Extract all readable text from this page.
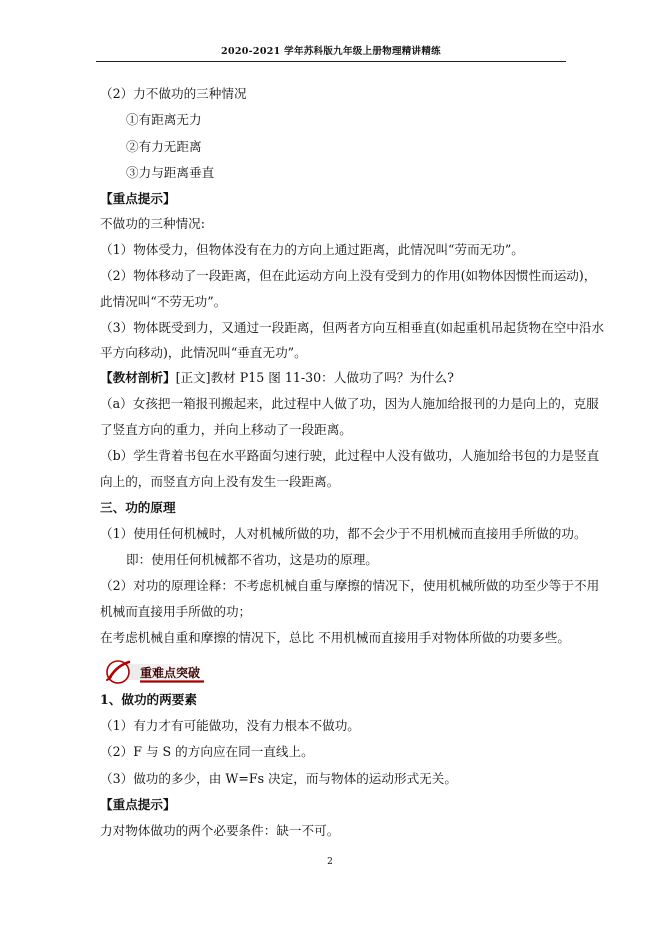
2020-2021 学年苏科版九年级上册物理精讲精练
（2）力不做功的三种情况
①有距离无力
②有力无距离
③力与距离垂直
【重点提示】
不做功的三种情况:
（1）物体受力，但物体没有在力的方向上通过距离，此情况叫“劳而无功”。
（2）物体移动了一段距离，但在此运动方向上没有受到力的作用(如物体因惯性而运动)，
此情况叫“不劳无功”。
（3）物体既受到力，又通过一段距离，但两者方向互相垂直(如起重机吊起货物在空中沿水
平方向移动)，此情况叫“垂直无功”。
【教材剖析】[正文]教材 P15 图 11-30：人做功了吗？为什么?
（a）女孩把一箱报刊搬起来，此过程中人做了功，因为人施加给报刊的力是向上的，克服
了竖直方向的重力，并向上移动了一段距离。
（b）学生背着书包在水平路面匀速行驶，此过程中人没有做功，人施加给书包的力是竖直
向上的，而竖直方向上没有发生一段距离。
三、功的原理
（1）使用任何机械时，人对机械所做的功，都不会少于不用机械而直接用手所做的功。
即：使用任何机械都不省功，这是功的原理。
（2）对功的原理诠释：不考虑机械自重与摩擦的情况下，使用机械所做的功至少等于不用
机械而直接用手所做的功；
在考虑机械自重和摩擦的情况下，总比 不用机械而直接用手对物体所做的功要多些。
重难点突破
1、做功的两要素
（1）有力才有可能做功，没有力根本不做功。
（2）F 与 S 的方向应在同一直线上。
（3）做功的多少，由 W=Fs 决定，而与物体的运动形式无关。
【重点提示】
力对物体做功的两个必要条件：缺一不可。
2
